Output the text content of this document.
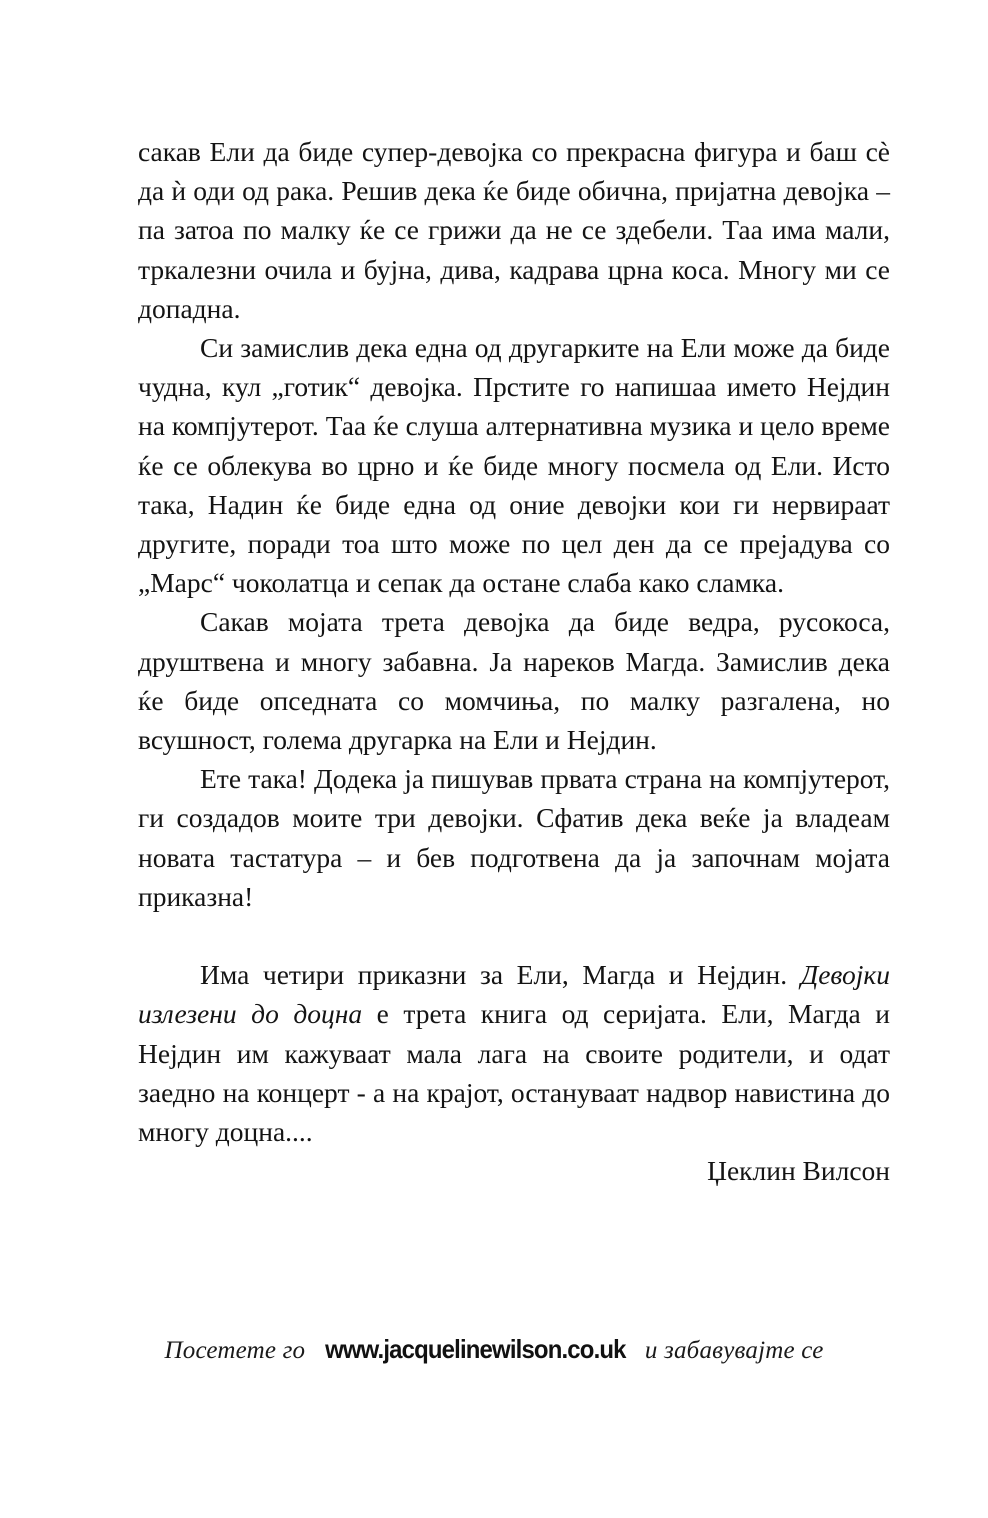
сакав Ели да биде супер-девојка со прекрасна фигура и баш сѐ да ѝ оди од рака. Решив дека ќе биде обична, пријатна девојка – па затоа по малку ќе се грижи да не се здебели. Таа има мали, тркалезни очила и бујна, дива, кадрава црна коса. Многу ми се допадна.

Си замислив дека една од другарките на Ели може да биде чудна, кул „готик“ девојка. Прстите го напишаа името Нејдин на компјутерот. Таа ќе слуша алтернативна музика и цело време ќе се облекува во црно и ќе биде многу посмела од Ели. Исто така, Надин ќе биде една од оние девојки кои ги нервираат другите, поради тоа што може по цел ден да се прејадува со „Марс“ чоколатца и сепак да остане слаба како сламка.

Сакав мојата трета девојка да биде ведра, русокоса, друштвена и многу забавна. Ја нареков Магда. Замислив дека ќе биде опседната со момчиња, по малку разгалена, но всушност, голема другарка на Ели и Нејдин.

Ете така! Додека ја пишував првата страна на компјутерот, ги создадов моите три девојки. Сфатив дека веќе ја владеам новата тастатура – и бев подготвена да ја започнам мојата приказна!

Има четири приказни за Ели, Магда и Нејдин. Девојки излезени до доцна е трета книга од серијата. Ели, Магда и Нејдин им кажуваат мала лага на своите родители, и одат заедно на концерт - а на крајот, остануваат надвор навистина до многу доцна....

Џеклин Вилсон

Посетете го www.jacquelinewilson.co.uk и забавувајте се
